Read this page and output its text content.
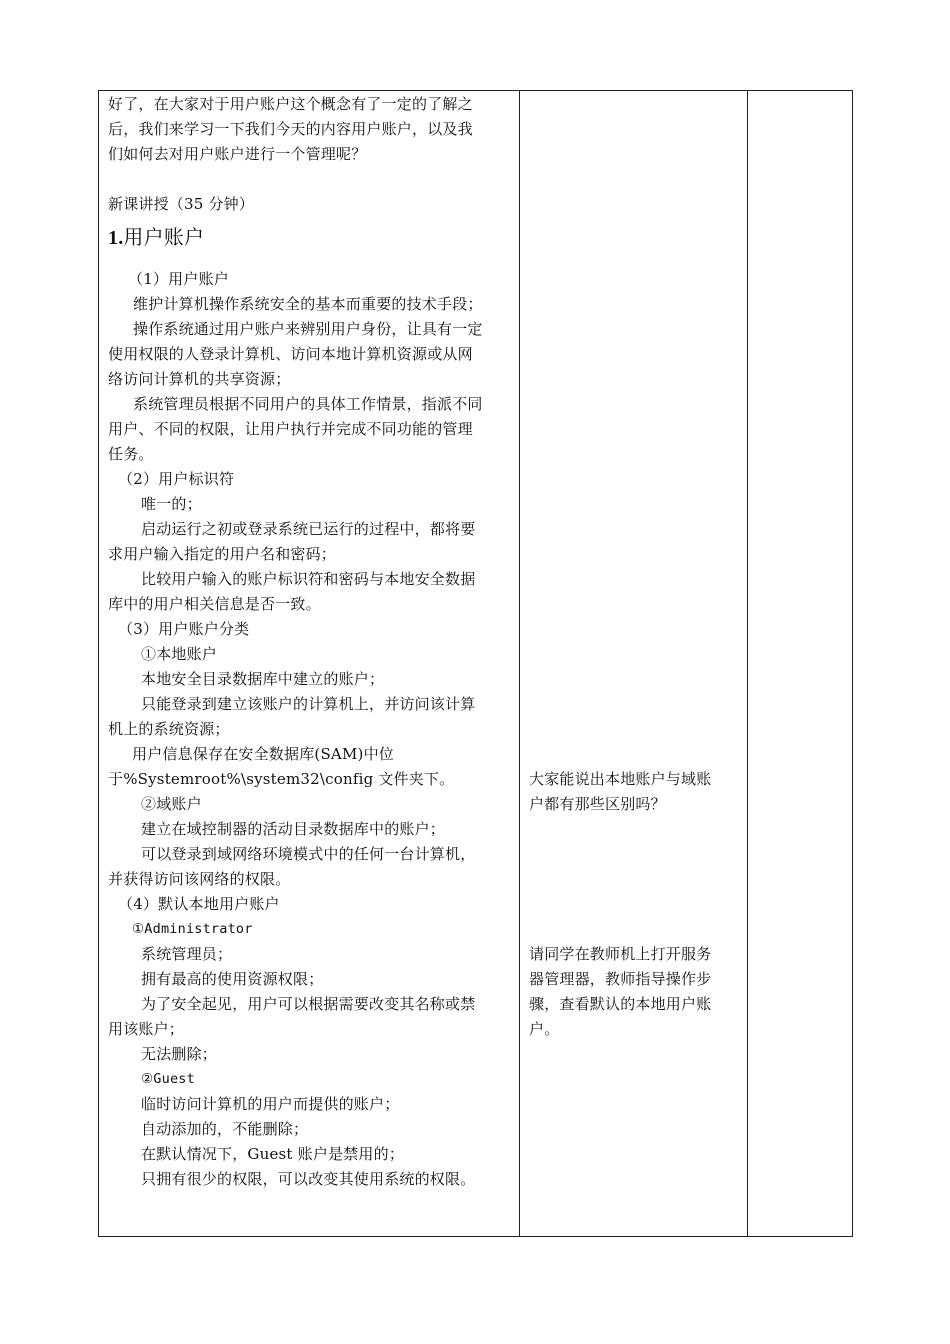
好了，在大家对于用户账户这个概念有了一定的了解之
后，我们来学习一下我们今天的内容用户账户，以及我
们如何去对用户账户进行一个管理呢？
新课讲授（35 分钟）
1.用户账户
（1）用户账户
维护计算机操作系统安全的基本而重要的技术手段；
操作系统通过用户账户来辨别用户身份，让具有一定
使用权限的人登录计算机、访问本地计算机资源或从网
络访问计算机的共享资源；
系统管理员根据不同用户的具体工作情景，指派不同
用户、不同的权限，让用户执行并完成不同功能的管理
任务。
（2）用户标识符
唯一的；
启动运行之初或登录系统已运行的过程中，都将要
求用户输入指定的用户名和密码；
比较用户输入的账户标识符和密码与本地安全数据
库中的用户相关信息是否一致。
（3）用户账户分类
①本地账户
本地安全目录数据库中建立的账户；
只能登录到建立该账户的计算机上，并访问该计算
机上的系统资源；
用户信息保存在安全数据库(SAM)中位
于%Systemroot%\system32\config 文件夹下。
②域账户
建立在域控制器的活动目录数据库中的账户；
可以登录到域网络环境模式中的任何一台计算机，
并获得访问该网络的权限。
（4）默认本地用户账户
①Administrator
系统管理员；
拥有最高的使用资源权限；
为了安全起见，用户可以根据需要改变其名称或禁
用该账户；
无法删除；
②Guest
临时访问计算机的用户而提供的账户；
自动添加的，不能删除；
在默认情况下，Guest 账户是禁用的；
只拥有很少的权限，可以改变其使用系统的权限。
大家能说出本地账户与域账
户都有那些区别吗？
请同学在教师机上打开服务
器管理器，教师指导操作步
骤，查看默认的本地用户账
户。
